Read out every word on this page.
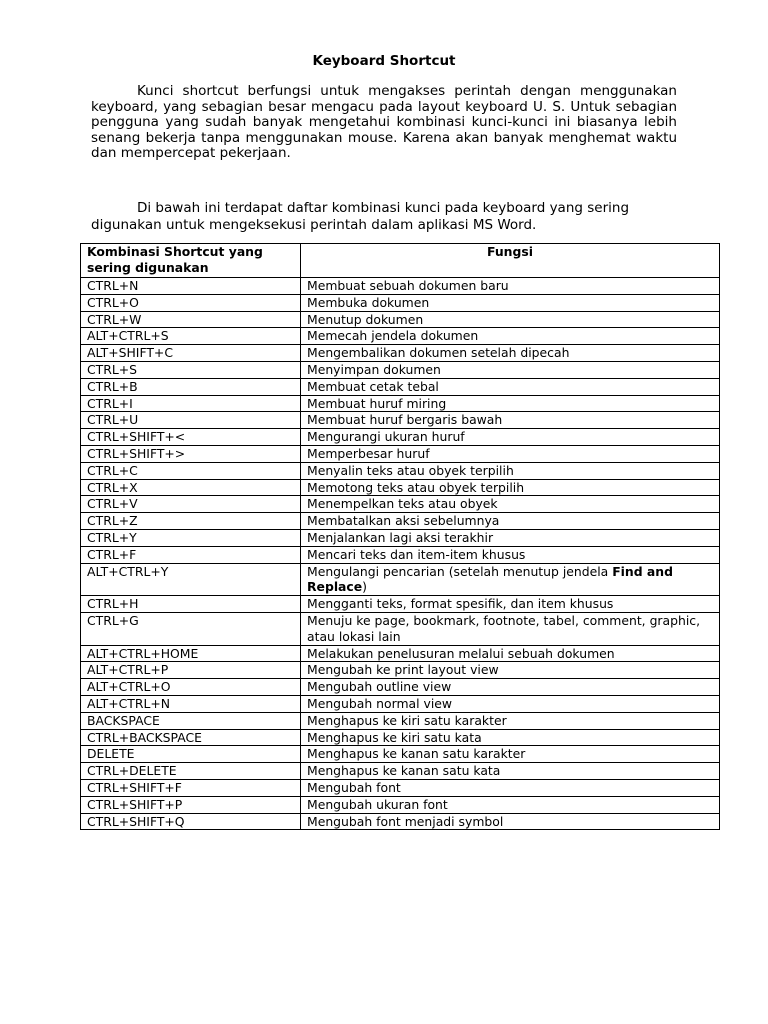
Keyboard Shortcut
Kunci shortcut berfungsi untuk mengakses perintah dengan menggunakan keyboard, yang sebagian besar mengacu pada layout keyboard U. S. Untuk sebagian pengguna yang sudah banyak mengetahui kombinasi kunci-kunci ini biasanya lebih senang bekerja tanpa menggunakan mouse. Karena akan banyak menghemat waktu dan mempercepat pekerjaan.
Di bawah ini terdapat daftar kombinasi kunci pada keyboard yang sering digunakan untuk mengeksekusi perintah dalam aplikasi MS Word.
Kombinasi Shortcut yang sering digunakan	Fungsi
CTRL+N	Membuat sebuah dokumen baru
CTRL+O	Membuka dokumen
CTRL+W	Menutup dokumen
ALT+CTRL+S	Memecah jendela dokumen
ALT+SHIFT+C	Mengembalikan dokumen setelah dipecah
CTRL+S	Menyimpan dokumen
CTRL+B	Membuat cetak tebal
CTRL+I	Membuat huruf miring
CTRL+U	Membuat huruf bergaris bawah
CTRL+SHIFT+<	Mengurangi ukuran huruf
CTRL+SHIFT+>	Memperbesar huruf
CTRL+C	Menyalin teks atau obyek terpilih
CTRL+X	Memotong teks atau obyek terpilih
CTRL+V	Menempelkan teks atau obyek
CTRL+Z	Membatalkan aksi sebelumnya
CTRL+Y	Menjalankan lagi aksi terakhir
CTRL+F	Mencari teks dan item-item khusus
ALT+CTRL+Y	Mengulangi pencarian (setelah menutup jendela Find and Replace)
CTRL+H	Mengganti teks, format spesifik, dan item khusus
CTRL+G	Menuju ke page, bookmark, footnote, tabel, comment, graphic, atau lokasi lain
ALT+CTRL+HOME	Melakukan penelusuran melalui sebuah dokumen
ALT+CTRL+P	Mengubah ke print layout view
ALT+CTRL+O	Mengubah outline view
ALT+CTRL+N	Mengubah normal view
BACKSPACE	Menghapus ke kiri satu karakter
CTRL+BACKSPACE	Menghapus ke kiri satu kata
DELETE	Menghapus ke kanan satu karakter
CTRL+DELETE	Menghapus ke kanan satu kata
CTRL+SHIFT+F	Mengubah font
CTRL+SHIFT+P	Mengubah ukuran font
CTRL+SHIFT+Q	Mengubah font menjadi symbol
